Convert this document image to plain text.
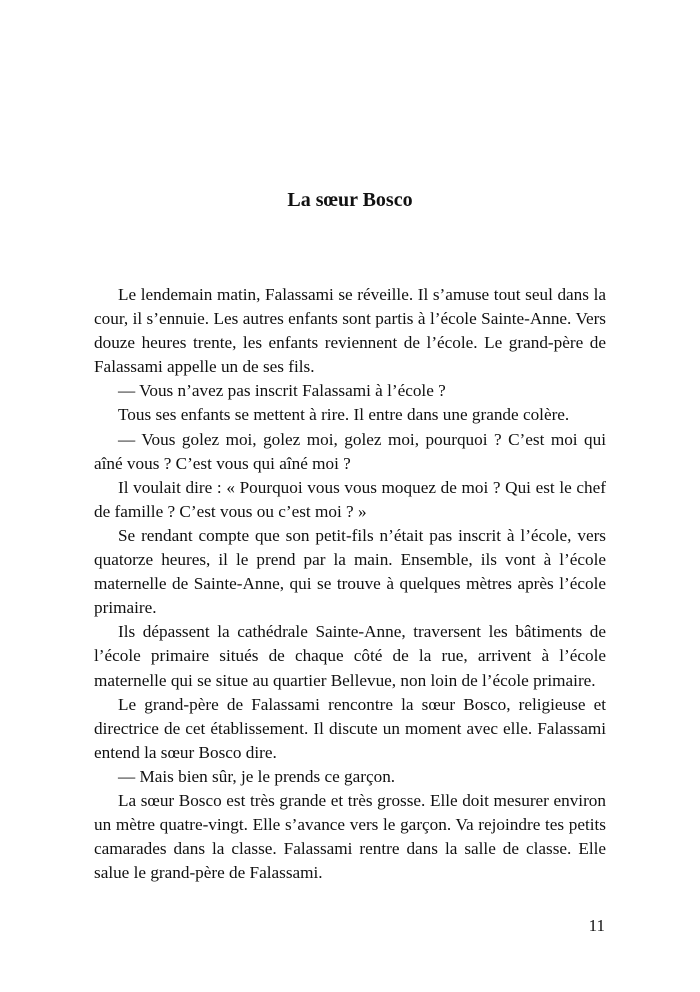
La sœur Bosco

Le lendemain matin, Falassami se réveille. Il s’amuse tout seul dans la cour, il s’ennuie. Les autres enfants sont partis à l’école Sainte-Anne. Vers douze heures trente, les enfants reviennent de l’école. Le grand-père de Falassami appelle un de ses fils.

— Vous n’avez pas inscrit Falassami à l’école ?

Tous ses enfants se mettent à rire. Il entre dans une grande colère.

— Vous golez moi, golez moi, golez moi, pourquoi ? C’est moi qui aîné vous ? C’est vous qui aîné moi ?

Il voulait dire : « Pourquoi vous vous moquez de moi ? Qui est le chef de famille ? C’est vous ou c’est moi ? »

Se rendant compte que son petit-fils n’était pas inscrit à l’école, vers quatorze heures, il le prend par la main. Ensemble, ils vont à l’école maternelle de Sainte-Anne, qui se trouve à quelques mètres après l’école primaire.

Ils dépassent la cathédrale Sainte-Anne, traversent les bâtiments de l’école primaire situés de chaque côté de la rue, arrivent à l’école maternelle qui se situe au quartier Bellevue, non loin de l’école primaire.

Le grand-père de Falassami rencontre la sœur Bosco, religieuse et directrice de cet établissement. Il discute un moment avec elle. Falassami entend la sœur Bosco dire.

— Mais bien sûr, je le prends ce garçon.

La sœur Bosco est très grande et très grosse. Elle doit mesurer environ un mètre quatre-vingt. Elle s’avance vers le garçon. Va rejoindre tes petits camarades dans la classe. Falassami rentre dans la salle de classe. Elle salue le grand-père de Falassami.

11
